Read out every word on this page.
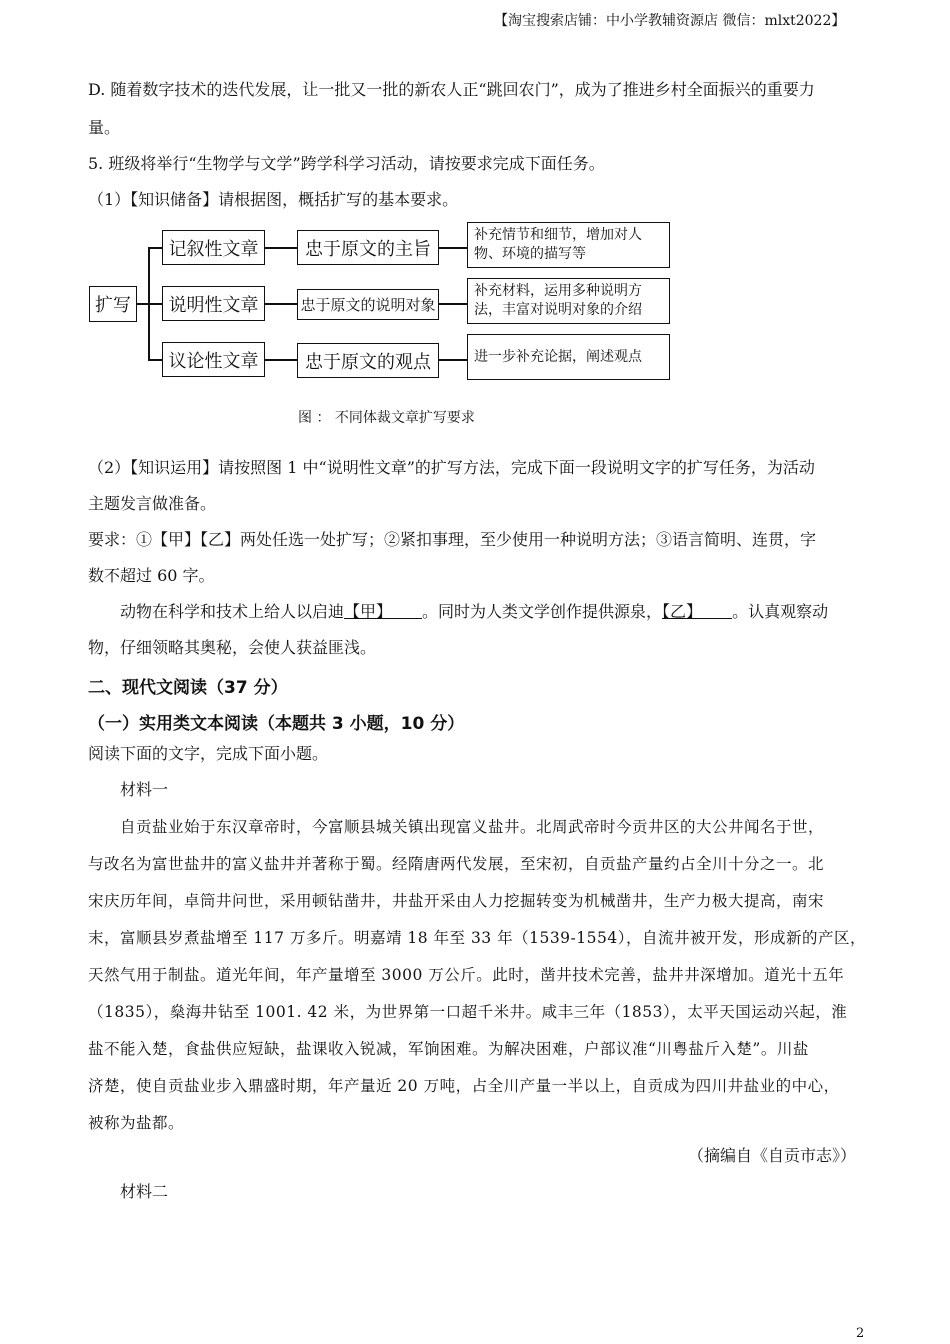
【淘宝搜索店铺：中小学教辅资源店 微信：mlxt2022】
D. 随着数字技术的迭代发展，让一批又一批的新农人正“跳回农门”，成为了推进乡村全面振兴的重要力
量。
5. 班级将举行“生物学与文学”跨学科学习活动，请按要求完成下面任务。
（1）【知识储备】请根据图，概括扩写的基本要求。
扩写
记叙性文章	忠于原文的主旨
补充情节和细节，增加对人
物、环境的描写等
说明性文章	忠于原文的说明对象
补充材料，运用多种说明方
法，丰富对说明对象的介绍
议论性文章	忠于原文的观点	进一步补充论据，阐述观点
图 ： 不同体裁文章扩写要求
（2）【知识运用】请按照图 1 中“说明性文章”的扩写方法，完成下面一段说明文字的扩写任务，为活动
主题发言做准备。
要求：①【甲】【乙】两处任选一处扩写；②紧扣事理，至少使用一种说明方法；③语言简明、连贯，字
数不超过 60 字。
动物在科学和技术上给人以启迪【甲】 。同时为人类文学创作提供源泉，【乙】 。认真观察动
物，仔细领略其奥秘，会使人获益匪浅。
二、现代文阅读（37 分）
（一）实用类文本阅读（本题共 3 小题，10 分）
阅读下面的文字，完成下面小题。
材料一
自贡盐业始于东汉章帝时，今富顺县城关镇出现富义盐井。北周武帝时今贡井区的大公井闻名于世，
与改名为富世盐井的富义盐井并著称于蜀。经隋唐两代发展，至宋初，自贡盐产量约占全川十分之一。北
宋庆历年间，卓筒井问世，采用顿钻凿井，井盐开采由人力挖掘转变为机械凿井，生产力极大提高，南宋
末，富顺县岁煮盐增至 117 万多斤。明嘉靖 18 年至 33 年（1539-1554），自流井被开发，形成新的产区，
天然气用于制盐。道光年间，年产量增至 3000 万公斤。此时，凿井技术完善，盐井井深增加。道光十五年
（1835），燊海井钻至 1001. 42 米，为世界第一口超千米井。咸丰三年（1853），太平天国运动兴起，淮
盐不能入楚，食盐供应短缺，盐课收入锐减，军饷困难。为解决困难，户部议准“川粤盐斤入楚”。川盐
济楚，使自贡盐业步入鼎盛时期，年产量近 20 万吨，占全川产量一半以上，自贡成为四川井盐业的中心，
被称为盐都。
（摘编自《自贡市志》）
材料二
2
